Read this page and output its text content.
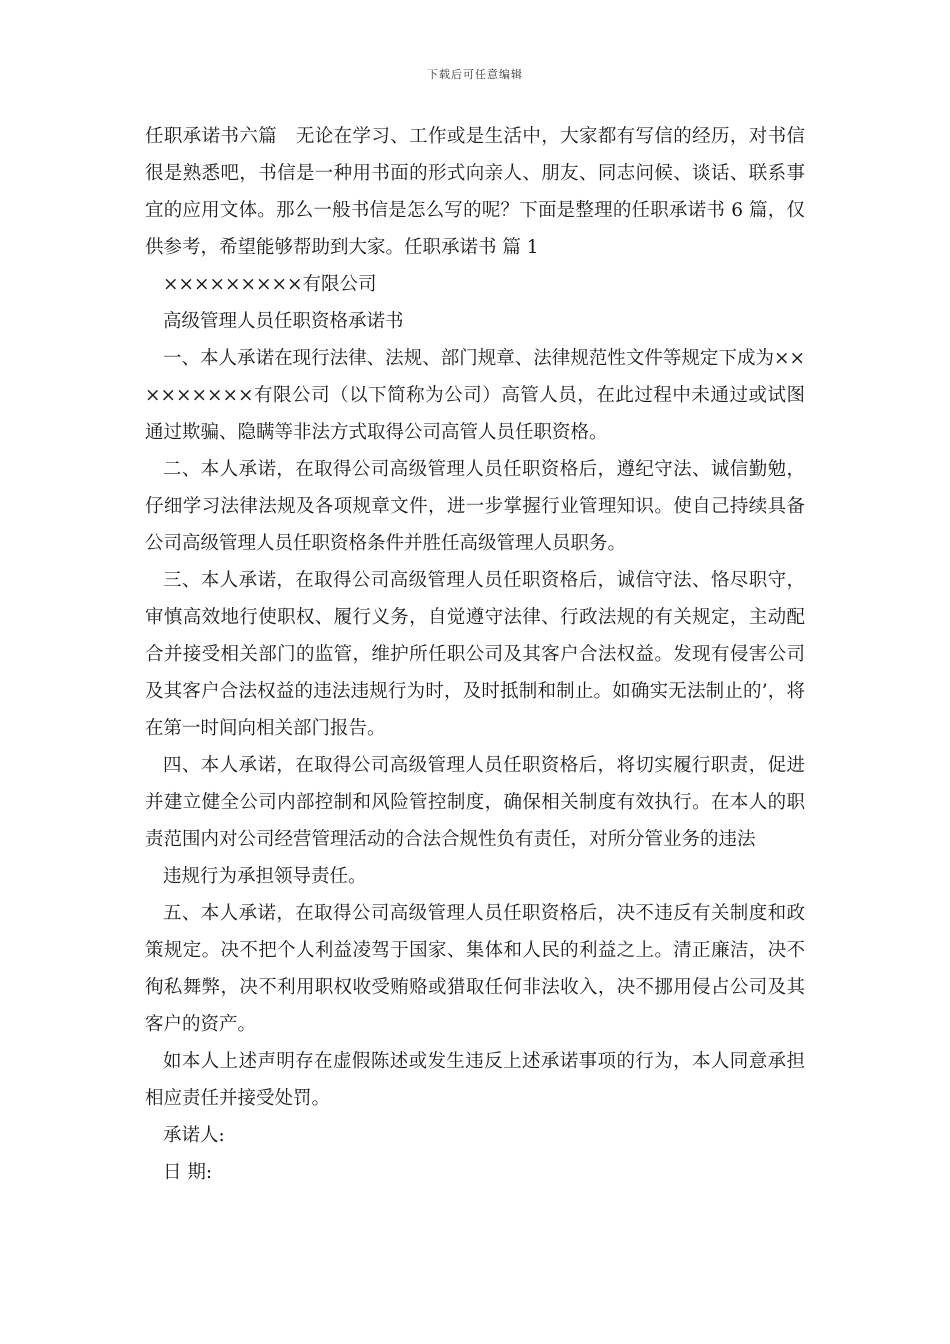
下载后可任意编辑

任职承诺书六篇　无论在学习、工作或是生活中，大家都有写信的经历，对书信很是熟悉吧，书信是一种用书面的形式向亲人、朋友、同志问候、谈话、联系事宜的应用文体。那么一般书信是怎么写的呢？下面是整理的任职承诺书 6 篇，仅供参考，希望能够帮助到大家。任职承诺书 篇 1

×××××××××有限公司

高级管理人员任职资格承诺书

一、本人承诺在现行法律、法规、部门规章、法律规范性文件等规定下成为×××××××××有限公司（以下简称为公司）高管人员，在此过程中未通过或试图通过欺骗、隐瞒等非法方式取得公司高管人员任职资格。

二、本人承诺，在取得公司高级管理人员任职资格后，遵纪守法、诚信勤勉，仔细学习法律法规及各项规章文件，进一步掌握行业管理知识。使自己持续具备公司高级管理人员任职资格条件并胜任高级管理人员职务。

三、本人承诺，在取得公司高级管理人员任职资格后，诚信守法、恪尽职守，审慎高效地行使职权、履行义务，自觉遵守法律、行政法规的有关规定，主动配合并接受相关部门的监管，维护所任职公司及其客户合法权益。发现有侵害公司及其客户合法权益的违法违规行为时，及时抵制和制止。如确实无法制止的’，将在第一时间向相关部门报告。

四、本人承诺，在取得公司高级管理人员任职资格后，将切实履行职责，促进并建立健全公司内部控制和风险管控制度，确保相关制度有效执行。在本人的职责范围内对公司经营管理活动的合法合规性负有责任，对所分管业务的违法

违规行为承担领导责任。

五、本人承诺，在取得公司高级管理人员任职资格后，决不违反有关制度和政策规定。决不把个人利益凌驾于国家、集体和人民的利益之上。清正廉洁，决不徇私舞弊，决不利用职权收受贿赂或猎取任何非法收入，决不挪用侵占公司及其客户的资产。

如本人上述声明存在虚假陈述或发生违反上述承诺事项的行为，本人同意承担相应责任并接受处罚。

承诺人:

日 期:
